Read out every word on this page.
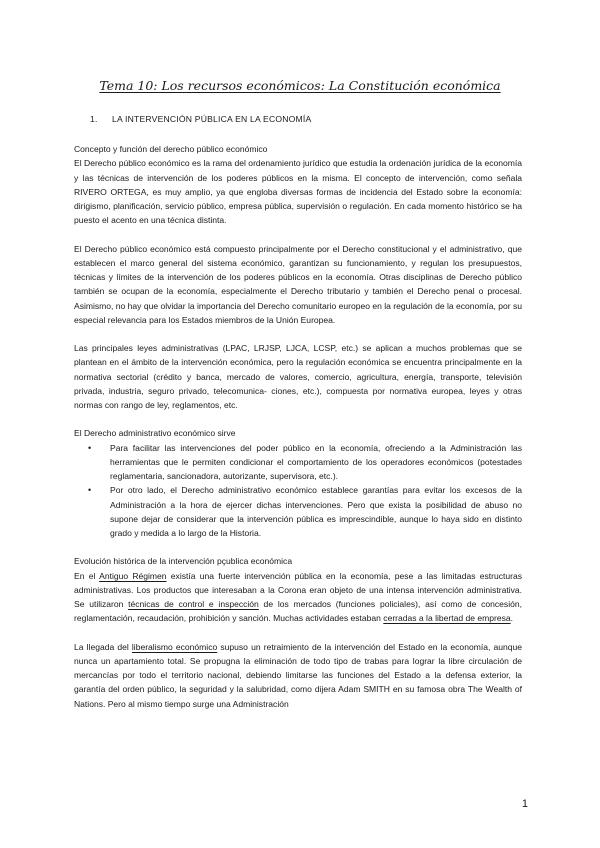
Tema 10: Los recursos económicos: La Constitución económica
1. LA INTERVENCIÓN PÚBLICA EN LA ECONOMÍA

Concepto y función del derecho público económico

El Derecho público económico es la rama del ordenamiento jurídico que estudia la ordenación jurídica de la economía y las técnicas de intervención de los poderes públicos en la misma. El concepto de intervención, como señala RIVERO ORTEGA, es muy amplio, ya que engloba diversas formas de incidencia del Estado sobre la economía: dirigismo, planificación, servicio público, empresa pública, supervisión o regulación. En cada momento histórico se ha puesto el acento en una técnica distinta.

El Derecho público económico está compuesto principalmente por el Derecho constitucional y el administrativo, que establecen el marco general del sistema económico, garantizan su funcionamiento, y regulan los presupuestos, técnicas y límites de la intervención de los poderes públicos en la economía. Otras disciplinas de Derecho público también se ocupan de la economía, especialmente el Derecho tributario y también el Derecho penal o procesal. Asimismo, no hay que olvidar la importancia del Derecho comunitario europeo en la regulación de la economía, por su especial relevancia para los Estados miembros de la Unión Europea.

Las principales leyes administrativas (LPAC, LRJSP, LJCA, LCSP, etc.) se aplican a muchos problemas que se plantean en el ámbito de la intervención económica, pero la regulación económica se encuentra principalmente en la normativa sectorial (crédito y banca, mercado de valores, comercio, agricultura, energía, transporte, televisión privada, industria, seguro privado, telecomunica- ciones, etc.), compuesta por normativa europea, leyes y otras normas con rango de ley, reglamentos, etc.

El Derecho administrativo económico sirve

• Para facilitar las intervenciones del poder público en la economía, ofreciendo a la Administración las herramientas que le permiten condicionar el comportamiento de los operadores económicos (potestades reglamentaria, sancionadora, autorizante, supervisora, etc.).
• Por otro lado, el Derecho administrativo económico establece garantías para evitar los excesos de la Administración a la hora de ejercer dichas intervenciones. Pero que exista la posibilidad de abuso no supone dejar de considerar que la intervención pública es imprescindible, aunque lo haya sido en distinto grado y medida a lo largo de la Historia.

Evolución histórica de la intervención pçublica económica

En el Antiguo Régimen existía una fuerte intervención pública en la economía, pese a las limitadas estructuras administrativas. Los productos que interesaban a la Corona eran objeto de una intensa intervención administrativa. Se utilizaron técnicas de control e inspección de los mercados (funciones policiales), así como de concesión, reglamentación, recaudación, prohibición y sanción. Muchas actividades estaban cerradas a la libertad de empresa.

La llegada del liberalismo económico supuso un retraimiento de la intervención del Estado en la economía, aunque nunca un apartamiento total. Se propugna la eliminación de todo tipo de trabas para lograr la libre circulación de mercancías por todo el territorio nacional, debiendo limitarse las funciones del Estado a la defensa exterior, la garantía del orden público, la seguridad y la salubridad, como dijera Adam SMITH en su famosa obra The Wealth of Nations. Pero al mismo tiempo surge una Administración

1
